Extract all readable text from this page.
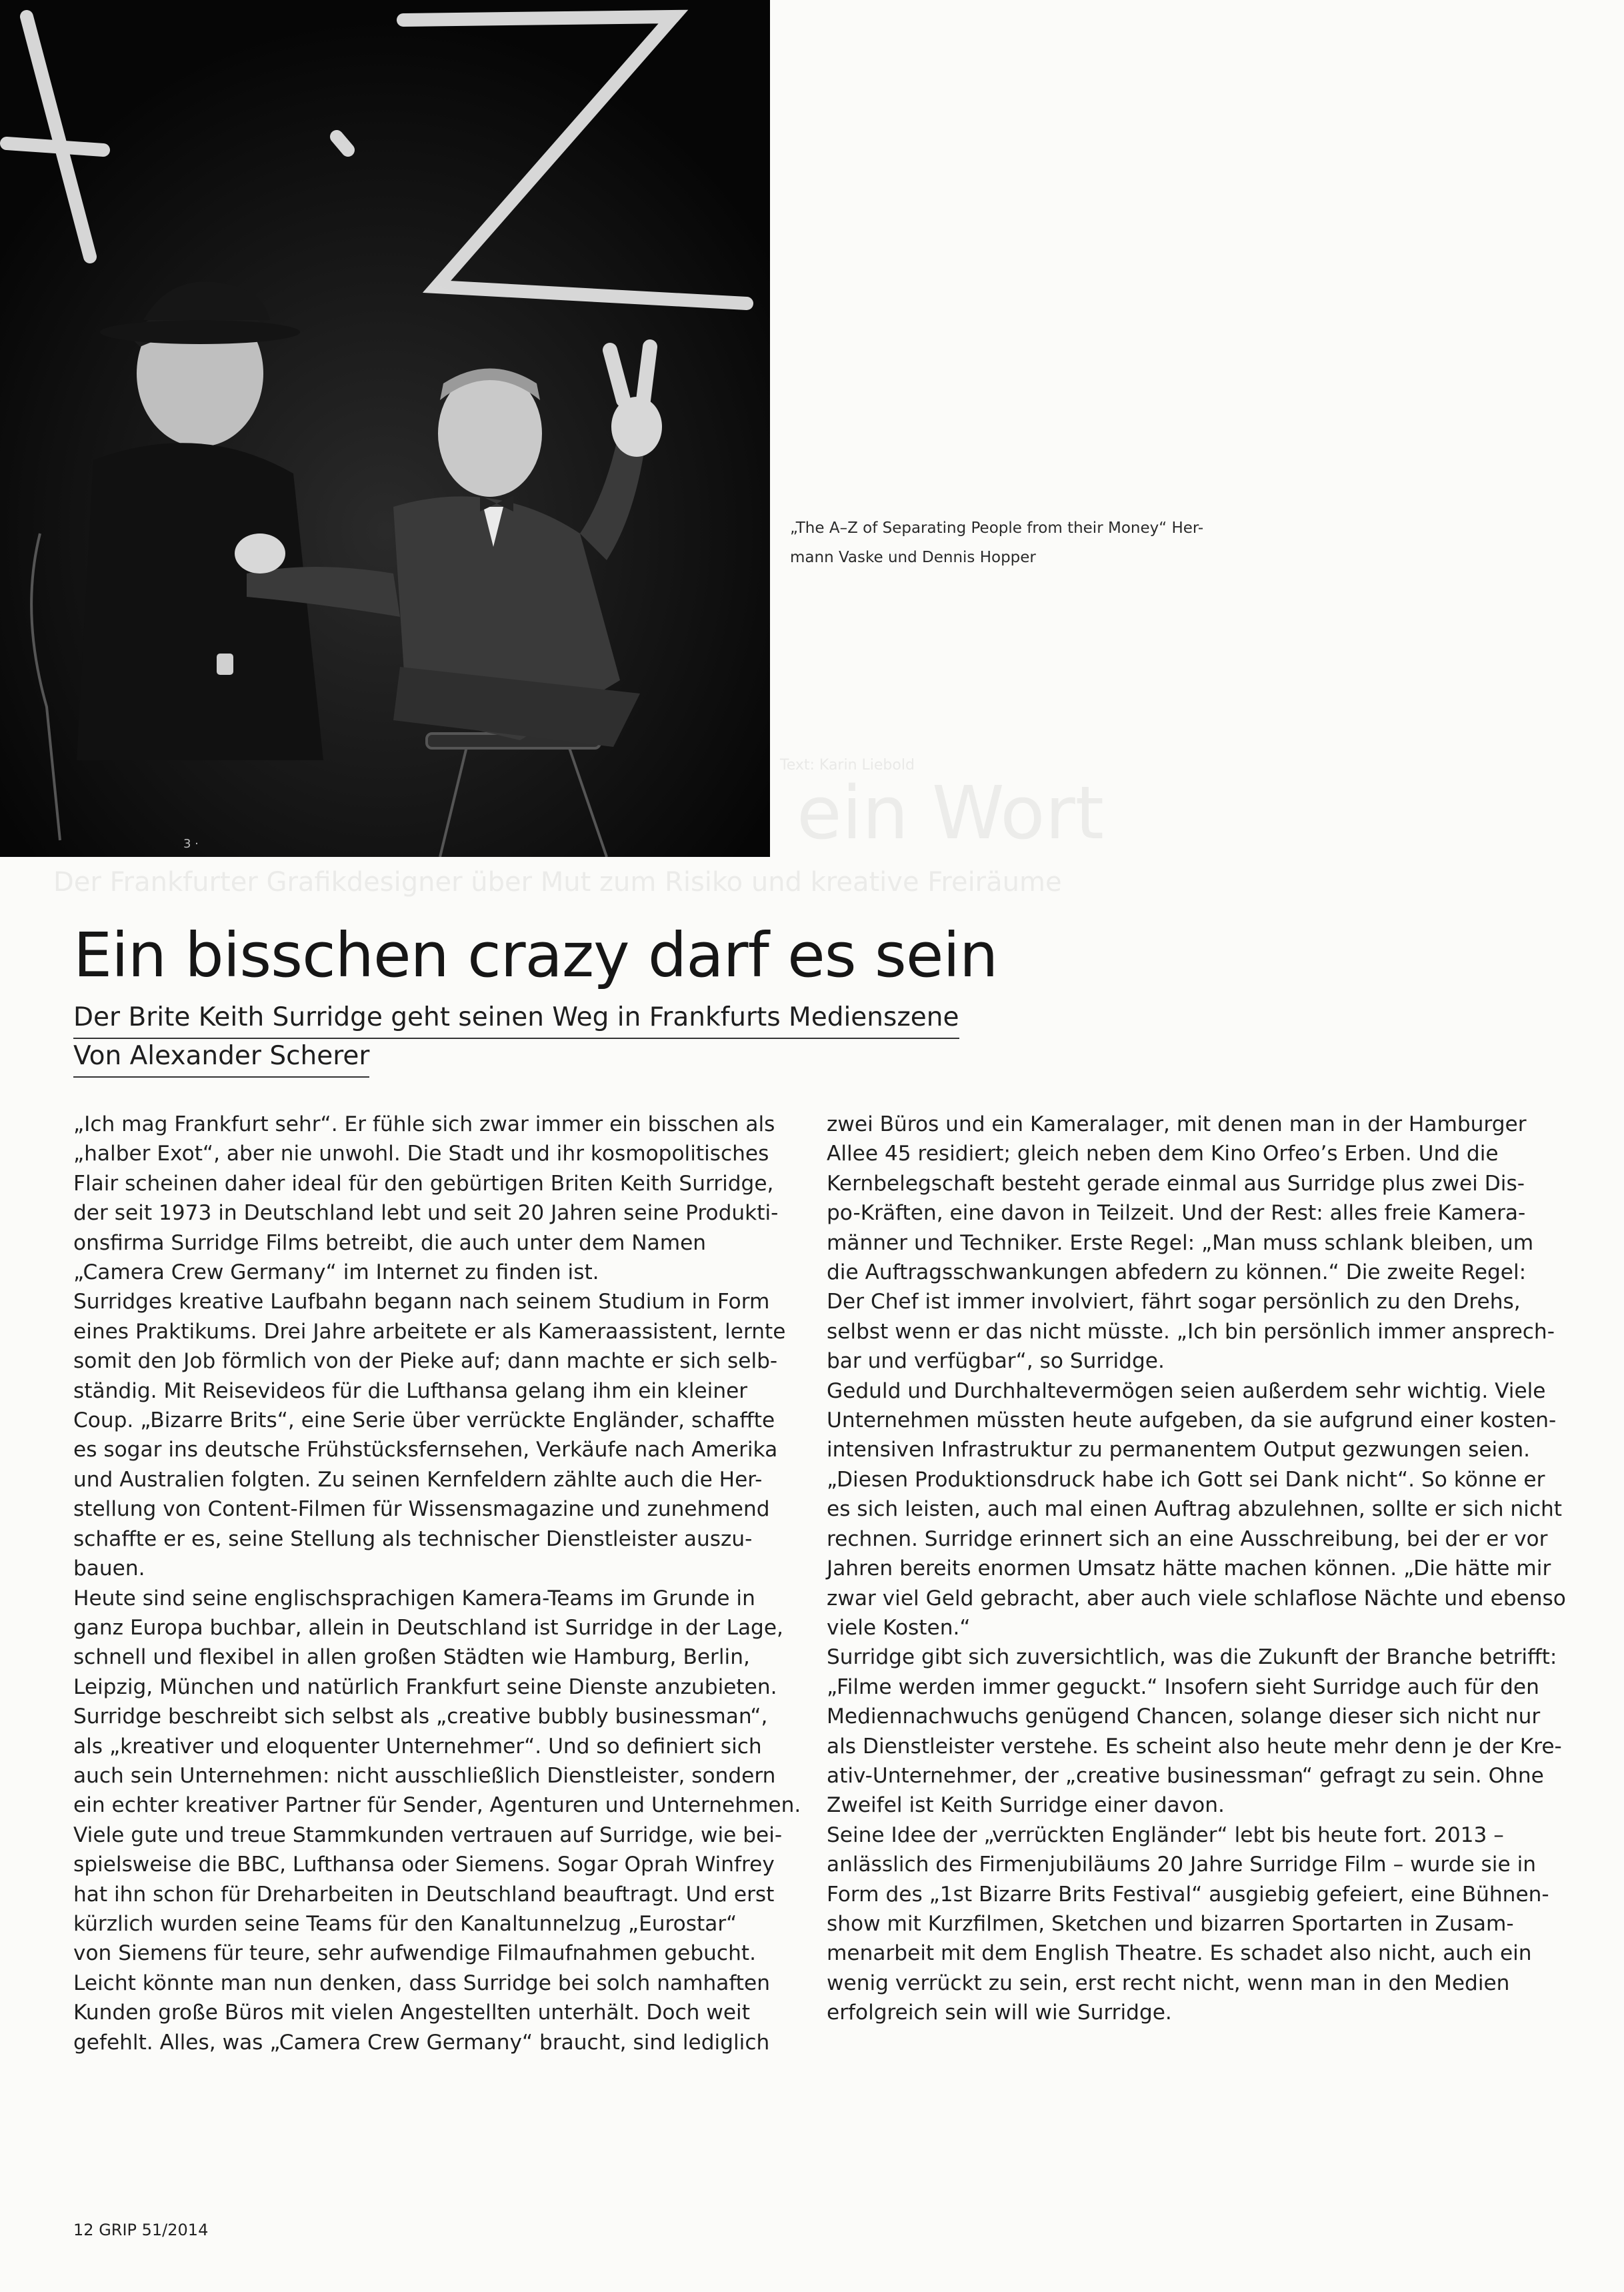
3 ·
Text: Karin Liebold
ein Wort
Der Frankfurter Grafikdesigner über Mut zum Risiko und kreative Freiräume
„The A–Z of Separating People from their Money“ Her-
mann Vaske und Dennis Hopper
Ein bisschen crazy darf es sein
Der Brite Keith Surridge geht seinen Weg in Frankfurts Medienszene
Von Alexander Scherer
„Ich mag Frankfurt sehr“. Er fühle sich zwar immer ein bisschen als
„halber Exot“, aber nie unwohl. Die Stadt und ihr kosmopolitisches
Flair scheinen daher ideal für den gebürtigen Briten Keith Surridge,
der seit 1973 in Deutschland lebt und seit 20 Jahren seine Produkti-
onsfirma Surridge Films betreibt, die auch unter dem Namen
„Camera Crew Germany“ im Internet zu finden ist.
Surridges kreative Laufbahn begann nach seinem Studium in Form
eines Praktikums. Drei Jahre arbeitete er als Kameraassistent, lernte
somit den Job förmlich von der Pieke auf; dann machte er sich selb-
ständig. Mit Reisevideos für die Lufthansa gelang ihm ein kleiner
Coup. „Bizarre Brits“, eine Serie über verrückte Engländer, schaffte
es sogar ins deutsche Frühstücksfernsehen, Verkäufe nach Amerika
und Australien folgten. Zu seinen Kernfeldern zählte auch die Her-
stellung von Content-Filmen für Wissensmagazine und zunehmend
schaffte er es, seine Stellung als technischer Dienstleister auszu-
bauen.
Heute sind seine englischsprachigen Kamera-Teams im Grunde in
ganz Europa buchbar, allein in Deutschland ist Surridge in der Lage,
schnell und flexibel in allen großen Städten wie Hamburg, Berlin,
Leipzig, München und natürlich Frankfurt seine Dienste anzubieten.
Surridge beschreibt sich selbst als „creative bubbly businessman“,
als „kreativer und eloquenter Unternehmer“. Und so definiert sich
auch sein Unternehmen: nicht ausschließlich Dienstleister, sondern
ein echter kreativer Partner für Sender, Agenturen und Unternehmen.
Viele gute und treue Stammkunden vertrauen auf Surridge, wie bei-
spielsweise die BBC, Lufthansa oder Siemens. Sogar Oprah Winfrey
hat ihn schon für Dreharbeiten in Deutschland beauftragt. Und erst
kürzlich wurden seine Teams für den Kanaltunnelzug „Eurostar“
von Siemens für teure, sehr aufwendige Filmaufnahmen gebucht.
Leicht könnte man nun denken, dass Surridge bei solch namhaften
Kunden große Büros mit vielen Angestellten unterhält. Doch weit
gefehlt. Alles, was „Camera Crew Germany“ braucht, sind lediglich
zwei Büros und ein Kameralager, mit denen man in der Hamburger
Allee 45 residiert; gleich neben dem Kino Orfeo’s Erben. Und die
Kernbelegschaft besteht gerade einmal aus Surridge plus zwei Dis-
po-Kräften, eine davon in Teilzeit. Und der Rest: alles freie Kamera-
männer und Techniker. Erste Regel: „Man muss schlank bleiben, um
die Auftragsschwankungen abfedern zu können.“ Die zweite Regel:
Der Chef ist immer involviert, fährt sogar persönlich zu den Drehs,
selbst wenn er das nicht müsste. „Ich bin persönlich immer ansprech-
bar und verfügbar“, so Surridge.
Geduld und Durchhaltevermögen seien außerdem sehr wichtig. Viele
Unternehmen müssten heute aufgeben, da sie aufgrund einer kosten-
intensiven Infrastruktur zu permanentem Output gezwungen seien.
„Diesen Produktionsdruck habe ich Gott sei Dank nicht“. So könne er
es sich leisten, auch mal einen Auftrag abzulehnen, sollte er sich nicht
rechnen. Surridge erinnert sich an eine Ausschreibung, bei der er vor
Jahren bereits enormen Umsatz hätte machen können. „Die hätte mir
zwar viel Geld gebracht, aber auch viele schlaflose Nächte und ebenso
viele Kosten.“
Surridge gibt sich zuversichtlich, was die Zukunft der Branche betrifft:
„Filme werden immer geguckt.“ Insofern sieht Surridge auch für den
Mediennachwuchs genügend Chancen, solange dieser sich nicht nur
als Dienstleister verstehe. Es scheint also heute mehr denn je der Kre-
ativ-Unternehmer, der „creative businessman“ gefragt zu sein. Ohne
Zweifel ist Keith Surridge einer davon.
Seine Idee der „verrückten Engländer“ lebt bis heute fort. 2013 –
anlässlich des Firmenjubiläums 20 Jahre Surridge Film – wurde sie in
Form des „1st Bizarre Brits Festival“ ausgiebig gefeiert, eine Bühnen-
show mit Kurzfilmen, Sketchen und bizarren Sportarten in Zusam-
menarbeit mit dem English Theatre. Es schadet also nicht, auch ein
wenig verrückt zu sein, erst recht nicht, wenn man in den Medien
erfolgreich sein will wie Surridge.
12 GRIP 51/2014
